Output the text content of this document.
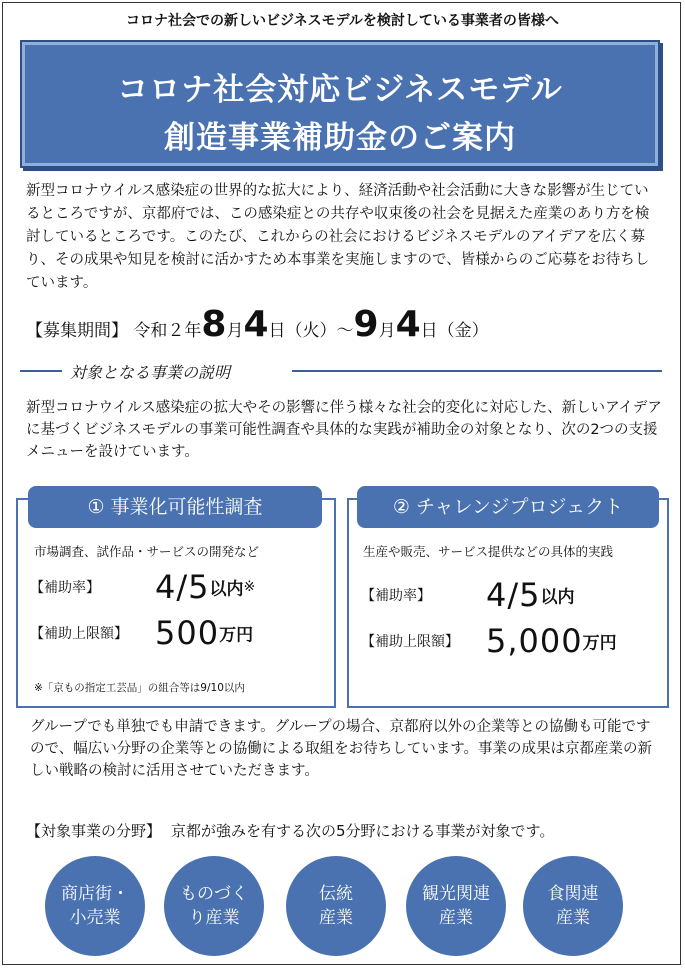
コロナ社会での新しいビジネスモデルを検討している事業者の皆様へ
コロナ社会対応ビジネスモデル
創造事業補助金のご案内
新型コロナウイルス感染症の世界的な拡大により、経済活動や社会活動に大きな影響が生じているところですが、京都府では、この感染症との共存や収束後の社会を見据えた産業のあり方を検討しているところです。このたび、これからの社会におけるビジネスモデルのアイデアを広く募り、その成果や知見を検討に活かすため本事業を実施しますので、皆様からのご応募をお待ちしています。
【募集期間】 令和２年8月4日（火）～9月4日（金）
対象となる事業の説明
新型コロナウイルス感染症の拡大やその影響に伴う様々な社会的変化に対応した、新しいアイデアに基づくビジネスモデルの事業可能性調査や具体的な実践が補助金の対象となり、次の2つの支援メニューを設けています。
① 事業化可能性調査
市場調査、試作品・サービスの開発など
【補助率】 4/5以内※
【補助上限額】 500万円
※「京もの指定工芸品」の組合等は9/10以内
② チャレンジプロジェクト
生産や販売、サービス提供などの具体的実践
【補助率】 4/5以内
【補助上限額】 5,000万円
グループでも単独でも申請できます。グループの場合、京都府以外の企業等との協働も可能ですので、幅広い分野の企業等との協働による取組をお待ちしています。事業の成果は京都産業の新しい戦略の検討に活用させていただきます。
【対象事業の分野】 京都が強みを有する次の5分野における事業が対象です。
商店街・
小売業
ものづく
り産業
伝統
産業
観光関連
産業
食関連
産業
